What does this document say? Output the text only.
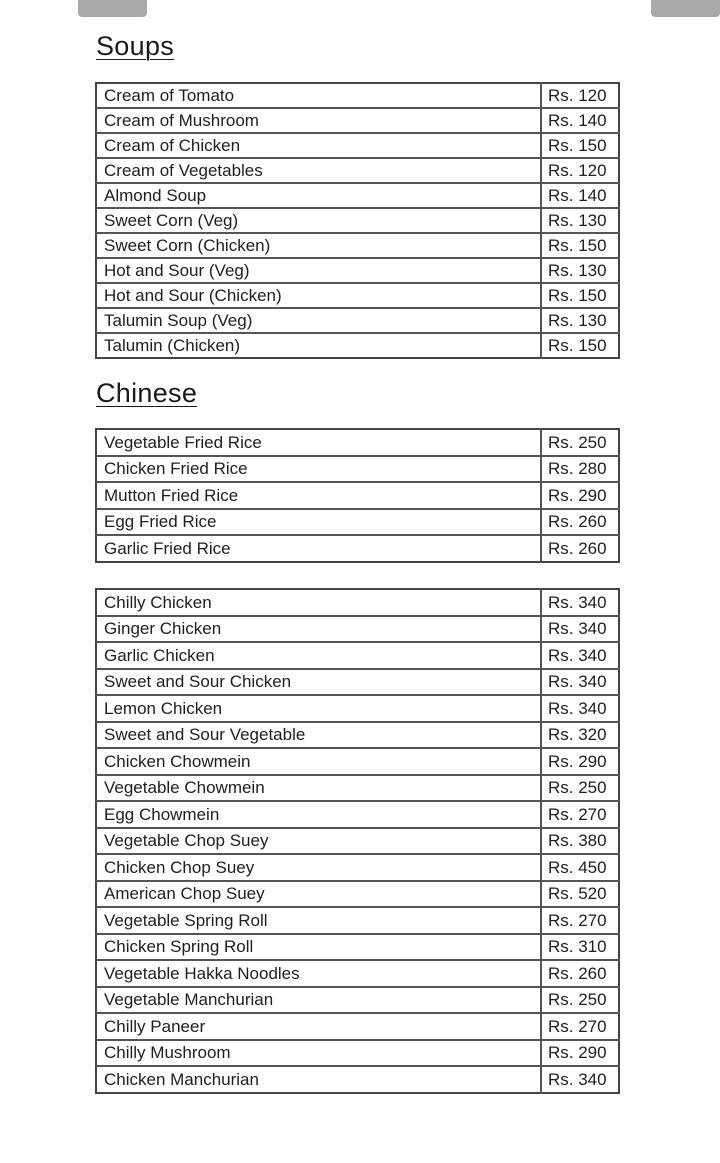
Soups
Cream of Tomato	Rs. 120
Cream of Mushroom	Rs. 140
Cream of Chicken	Rs. 150
Cream of Vegetables	Rs. 120
Almond Soup	Rs. 140
Sweet Corn (Veg)	Rs. 130
Sweet Corn (Chicken)	Rs. 150
Hot and Sour (Veg)	Rs. 130
Hot and Sour (Chicken)	Rs. 150
Talumin Soup (Veg)	Rs. 130
Talumin (Chicken)	Rs. 150
Chinese
Vegetable Fried Rice	Rs. 250
Chicken Fried Rice	Rs. 280
Mutton Fried Rice	Rs. 290
Egg Fried Rice	Rs. 260
Garlic Fried Rice	Rs. 260
Chilly Chicken	Rs. 340
Ginger Chicken	Rs. 340
Garlic Chicken	Rs. 340
Sweet and Sour Chicken	Rs. 340
Lemon Chicken	Rs. 340
Sweet and Sour Vegetable	Rs. 320
Chicken Chowmein	Rs. 290
Vegetable Chowmein	Rs. 250
Egg Chowmein	Rs. 270
Vegetable Chop Suey	Rs. 380
Chicken Chop Suey	Rs. 450
American Chop Suey	Rs. 520
Vegetable Spring Roll	Rs. 270
Chicken Spring Roll	Rs. 310
Vegetable Hakka Noodles	Rs. 260
Vegetable Manchurian	Rs. 250
Chilly Paneer	Rs. 270
Chilly Mushroom	Rs. 290
Chicken Manchurian	Rs. 340
